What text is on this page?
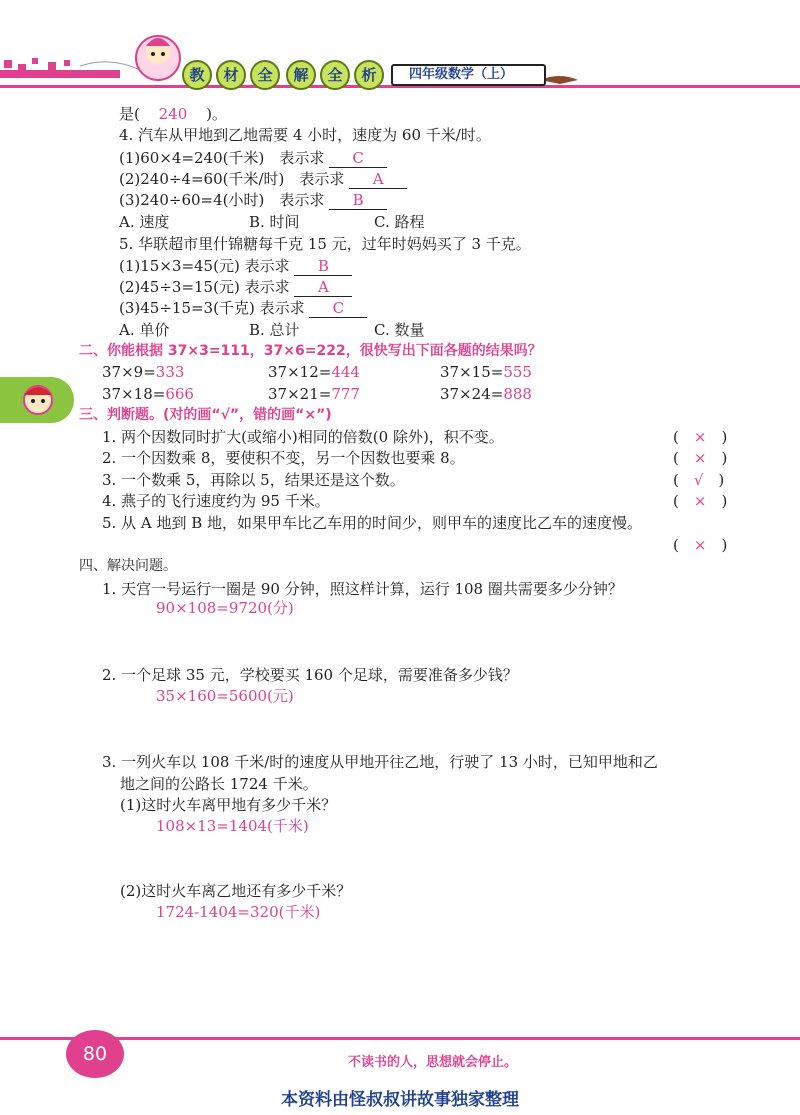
教	材	全	解	全	析	四年级数学（上）
是( 240 )。
4. 汽车从甲地到乙地需要 4 小时，速度为 60 千米/时。
(1)60×4=240(千米)　表示求 C
(2)240÷4=60(千米/时)　表示求 A
(3)240÷60=4(小时)　表示求 B
A. 速度	B. 时间	C. 路程
5. 华联超市里什锦糖每千克 15 元，过年时妈妈买了 3 千克。
(1)15×3=45(元) 表示求 B
(2)45÷3=15(元) 表示求 A
(3)45÷15=3(千克) 表示求 C
A. 单价	B. 总计	C. 数量
二、你能根据 37×3=111，37×6=222，很快写出下面各题的结果吗？
37×9=333	37×12=444	37×15=555
37×18=666	37×21=777	37×24=888
三、判断题。(对的画“√”，错的画“×”)
1. 两个因数同时扩大(或缩小)相同的倍数(0 除外)，积不变。	(　×　)
2. 一个因数乘 8，要使积不变，另一个因数也要乘 8。	(　×　)
3. 一个数乘 5，再除以 5，结果还是这个数。	(　√　)
4. 燕子的飞行速度约为 95 千米。	(　×　)
5. 从 A 地到 B 地，如果甲车比乙车用的时间少，则甲车的速度比乙车的速度慢。
(　×　)
四、解决问题。
1. 天宫一号运行一圈是 90 分钟，照这样计算，运行 108 圈共需要多少分钟？
90×108=9720(分)
2. 一个足球 35 元，学校要买 160 个足球，需要准备多少钱？
35×160=5600(元)
3. 一列火车以 108 千米/时的速度从甲地开往乙地，行驶了 13 小时，已知甲地和乙
地之间的公路长 1724 千米。
(1)这时火车离甲地有多少千米？
108×13=1404(千米)
(2)这时火车离乙地还有多少千米？
1724-1404=320(千米)
80	不读书的人，思想就会停止。
本资料由怪叔叔讲故事独家整理
